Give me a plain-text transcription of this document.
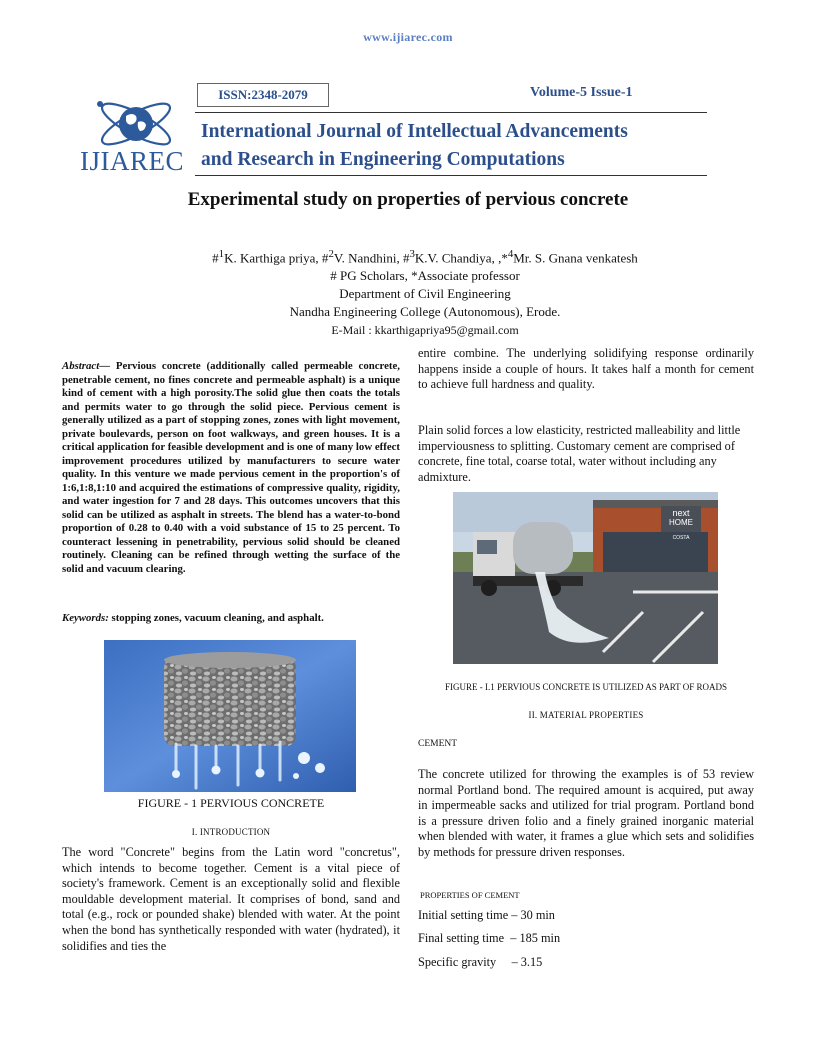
www.ijiarec.com
ISSN:2348-2079	Volume-5 Issue-1
IJIAREC
International Journal of Intellectual Advancements
and Research in Engineering Computations
Experimental study on properties of pervious concrete
#$^1$K. Karthiga priya, #$^2$V. Nandhini, #$^3$K.V. Chandiya, ,*$^4$Mr. S. Gnana venkatesh
# PG Scholars, *Associate professor
Department of Civil Engineering
Nandha Engineering College (Autonomous), Erode.
E-Mail : kkarthigapriya95@gmail.com
Abstract— Pervious concrete (additionally called permeable concrete, penetrable cement, no fines concrete and permeable asphalt) is a unique kind of cement with a high porosity.The solid glue then coats the totals and permits water to go through the solid piece. Pervious cement is generally utilized as a part of stopping zones, zones with light movement, private boulevards, person on foot walkways, and green houses. It is a critical application for feasible development and is one of many low effect improvement procedures utilized by manufacturers to secure water quality. In this venture we made pervious cement in the proportion's of 1:6,1:8,1:10 and acquired the estimations of compressive quality, rigidity, and water ingestion for 7 and 28 days. This outcomes uncovers that this solid can be utilized as asphalt in streets. The blend has a water-to-bond proportion of 0.28 to 0.40 with a void substance of 15 to 25 percent. To counteract lessening in penetrability, pervious solid should be cleaned routinely. Cleaning can be refined through wetting the surface of the solid and vacuum clearing.
Keywords: stopping zones, vacuum cleaning, and asphalt.
FIGURE - 1 PERVIOUS CONCRETE
I. INTRODUCTION
The word "Concrete" begins from the Latin word "concretus", which intends to become together. Cement is a vital piece of society's framework. Cement is an exceptionally solid and flexible mouldable development material. It comprises of bond, sand and total (e.g., rock or pounded shake) blended with water. At the point when the bond has synthetically responded with water (hydrated), it solidifies and ties the
entire combine. The underlying solidifying response ordinarily happens inside a couple of hours. It takes half a month for cement to achieve full hardness and quality.
Plain solid forces a low elasticity, restricted malleability and little imperviousness to splitting. Customary cement are comprised of concrete, fine total, coarse total, water without including any admixture.
next
HOME
COSTA
FIGURE - I.1 PERVIOUS CONCRETE IS UTILIZED AS PART OF ROADS
II. MATERIAL PROPERTIES
CEMENT
The concrete utilized for throwing the examples is of 53 review normal Portland bond. The required amount is acquired, put away in impermeable sacks and utilized for trial program. Portland bond is a pressure driven folio and a finely grained inorganic material when blended with water, it frames a glue which sets and solidifies by methods for pressure driven responses.
PROPERTIES OF CEMENT
Initial setting time – 30 min
Final setting time  – 185 min
Specific gravity     – 3.15
